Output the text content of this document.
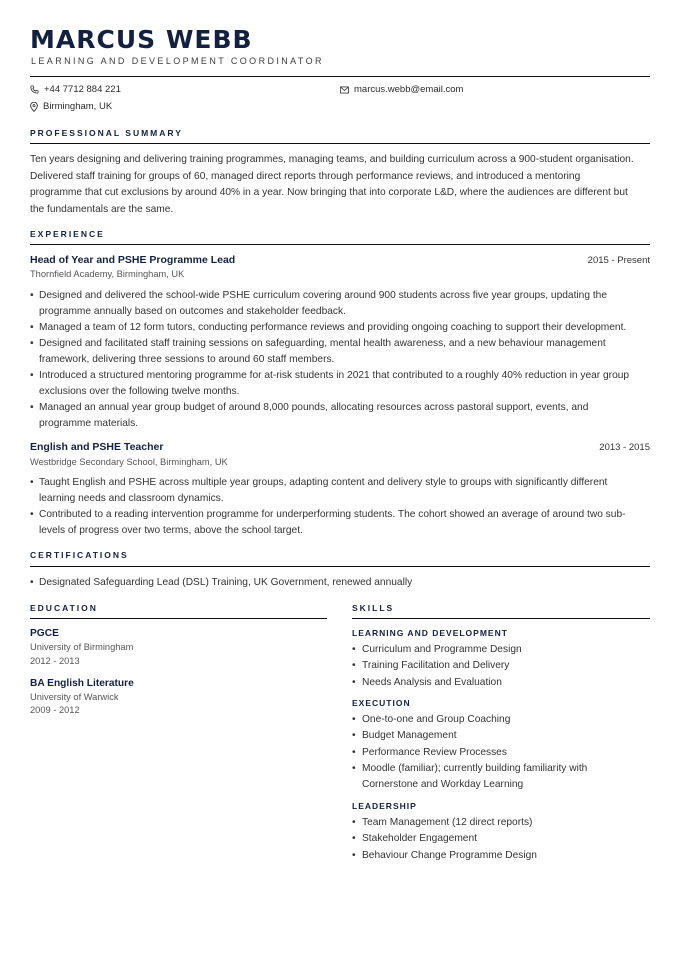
MARCUS WEBB
LEARNING AND DEVELOPMENT COORDINATOR
+44 7712 884 221	marcus.webb@email.com
Birmingham, UK
PROFESSIONAL SUMMARY
Ten years designing and delivering training programmes, managing teams, and building curriculum across a 900-student organisation.
Delivered staff training for groups of 60, managed direct reports through performance reviews, and introduced a mentoring
programme that cut exclusions by around 40% in a year. Now bringing that into corporate L&D, where the audiences are different but
the fundamentals are the same.
EXPERIENCE
Head of Year and PSHE Programme Lead	2015 - Present
Thornfield Academy, Birmingham, UK
• Designed and delivered the school-wide PSHE curriculum covering around 900 students across five year groups, updating the
programme annually based on outcomes and stakeholder feedback.
• Managed a team of 12 form tutors, conducting performance reviews and providing ongoing coaching to support their development.
• Designed and facilitated staff training sessions on safeguarding, mental health awareness, and a new behaviour management
framework, delivering three sessions to around 60 staff members.
• Introduced a structured mentoring programme for at-risk students in 2021 that contributed to a roughly 40% reduction in year group
exclusions over the following twelve months.
• Managed an annual year group budget of around 8,000 pounds, allocating resources across pastoral support, events, and
programme materials.
English and PSHE Teacher	2013 - 2015
Westbridge Secondary School, Birmingham, UK
• Taught English and PSHE across multiple year groups, adapting content and delivery style to groups with significantly different
learning needs and classroom dynamics.
• Contributed to a reading intervention programme for underperforming students. The cohort showed an average of around two sub-
levels of progress over two terms, above the school target.
CERTIFICATIONS
• Designated Safeguarding Lead (DSL) Training, UK Government, renewed annually
EDUCATION
PGCE
University of Birmingham
2012 - 2013
BA English Literature
University of Warwick
2009 - 2012
SKILLS
LEARNING AND DEVELOPMENT
• Curriculum and Programme Design
• Training Facilitation and Delivery
• Needs Analysis and Evaluation
EXECUTION
• One-to-one and Group Coaching
• Budget Management
• Performance Review Processes
• Moodle (familiar); currently building familiarity with
Cornerstone and Workday Learning
LEADERSHIP
• Team Management (12 direct reports)
• Stakeholder Engagement
• Behaviour Change Programme Design
